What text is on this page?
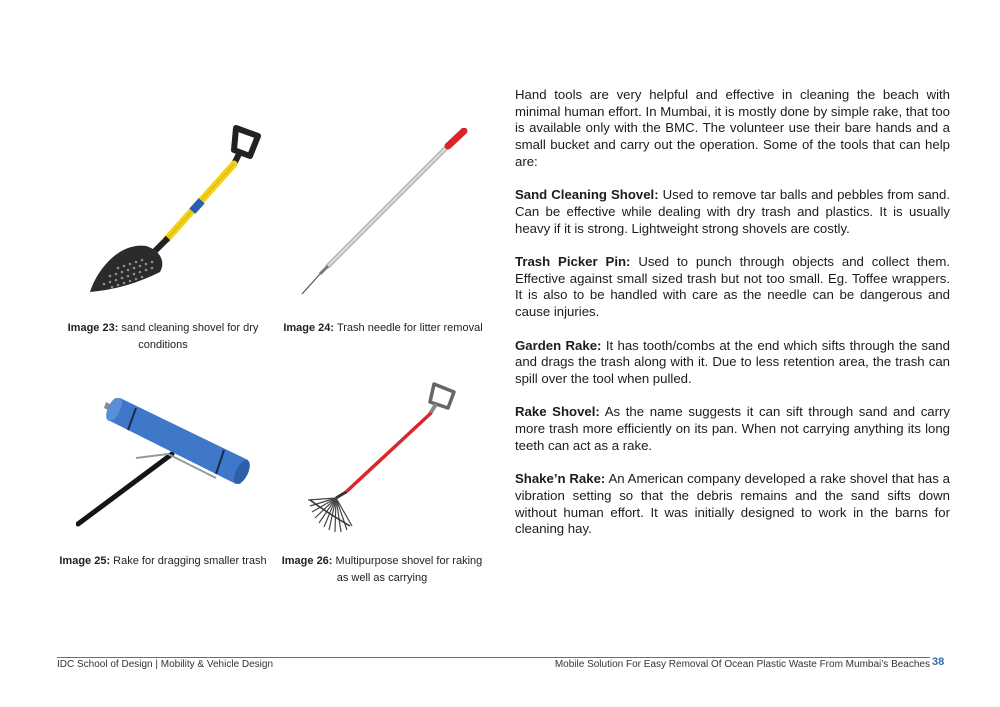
Image 23: sand cleaning shovel for dry conditions
Image 24: Trash needle for litter removal
Image 25: Rake for dragging smaller trash	Image 26: Multipurpose shovel for raking as well as carrying

Hand tools are very helpful and effective in cleaning the beach with minimal human effort. In Mumbai, it is mostly done by simple rake, that too is available only with the BMC. The volunteer use their bare hands and a small bucket and carry out the operation. Some of the tools that can help are:

Sand Cleaning Shovel: Used to remove tar balls and pebbles from sand. Can be effective while dealing with dry trash and plastics. It is usually heavy if it is strong. Lightweight strong shovels are costly.

Trash Picker Pin: Used to punch through objects and collect them. Effective against small sized trash but not too small. Eg. Toffee wrappers. It is also to be handled with care as the needle can be dangerous and cause injuries.

Garden Rake: It has tooth/combs at the end which sifts through the sand and drags the trash along with it. Due to less retention area, the trash can spill over the tool when pulled.

Rake Shovel: As the name suggests it can sift through sand and carry more trash more efficiently on its pan. When not carrying anything its long teeth can act as a rake.

Shake’n Rake: An American company developed a rake shovel that has a vibration setting so that the debris remains and the sand sifts down without human effort. It was initially designed to work in the barns for cleaning hay.

IDC School of Design | Mobility & Vehicle Design	Mobile Solution For Easy Removal Of Ocean Plastic Waste From Mumbai’s Beaches 38
